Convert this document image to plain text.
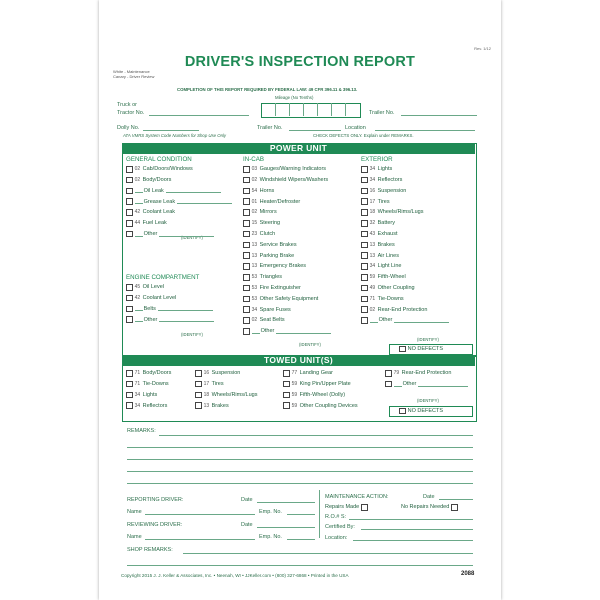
Rev. 1/12
White - Maintenance
Canary - Driver Review
DRIVER'S INSPECTION REPORT
COMPLETION OF THIS REPORT REQUIRED BY FEDERAL LAW: 49 CFR 396.11 & 396.13.
Mileage (No Tenths)
Truck or
Tractor No.	Trailer No.
Dolly No.	Trailer No.	Location
ATA VMRS System Code Numbers for Shop Use Only	CHECK DEFECTS ONLY. Explain under REMARKS.
POWER UNIT
GENERAL CONDITION
(IDENTIFY)
ENGINE COMPARTMENT
(IDENTIFY)
IN-CAB
(IDENTIFY)
EXTERIOR
(IDENTIFY)
NO DEFECTS
TOWED UNIT(S)
(IDENTIFY)
NO DEFECTS
REMARKS:
REPORTING DRIVER:	Date
Name	Emp. No.
REVIEWING DRIVER:	Date
Name	Emp. No.
MAINTENANCE ACTION:	Date
Repairs Made	No Repairs Needed
R.O.# S:
Certified By:
Location:
SHOP REMARKS:
Copyright 2015 J. J. Keller & Associates, Inc. • Neenah, WI • JJKeller.com • (800) 327-6868 • Printed in the USA	2088
02 Cab/Doors/Windows
02 Body/Doors
Oil Leak
Grease Leak
42 Coolant Leak
44 Fuel Leak
Other
45 Oil Level
42 Coolant Level
Belts
Other
03 Gauges/Warning Indicators
02 Windshield Wipers/Washers
54 Horns
01 Heater/Defroster
02 Mirrors
15 Steering
23 Clutch
13 Service Brakes
13 Parking Brake
13 Emergency Brakes
53 Triangles
53 Fire Extinguisher
53 Other Safety Equipment
34 Spare Fuses
02 Seat Belts
Other
34 Lights
34 Reflectors
16 Suspension
17 Tires
18 Wheels/Rims/Lugs
32 Battery
43 Exhaust
13 Brakes
13 Air Lines
34 Light Line
59 Fifth-Wheel
49 Other Coupling
71 Tie-Downs
02 Rear-End Protection
Other
71 Body/Doors
71 Tie-Downs
34 Lights
34 Reflectors
16 Suspension
17 Tires
18 Wheels/Rims/Lugs
13 Brakes
77 Landing Gear
59 King Pin/Upper Plate
59 Fifth-Wheel (Dolly)
59 Other Coupling Devices
79 Rear-End Protection
Other
